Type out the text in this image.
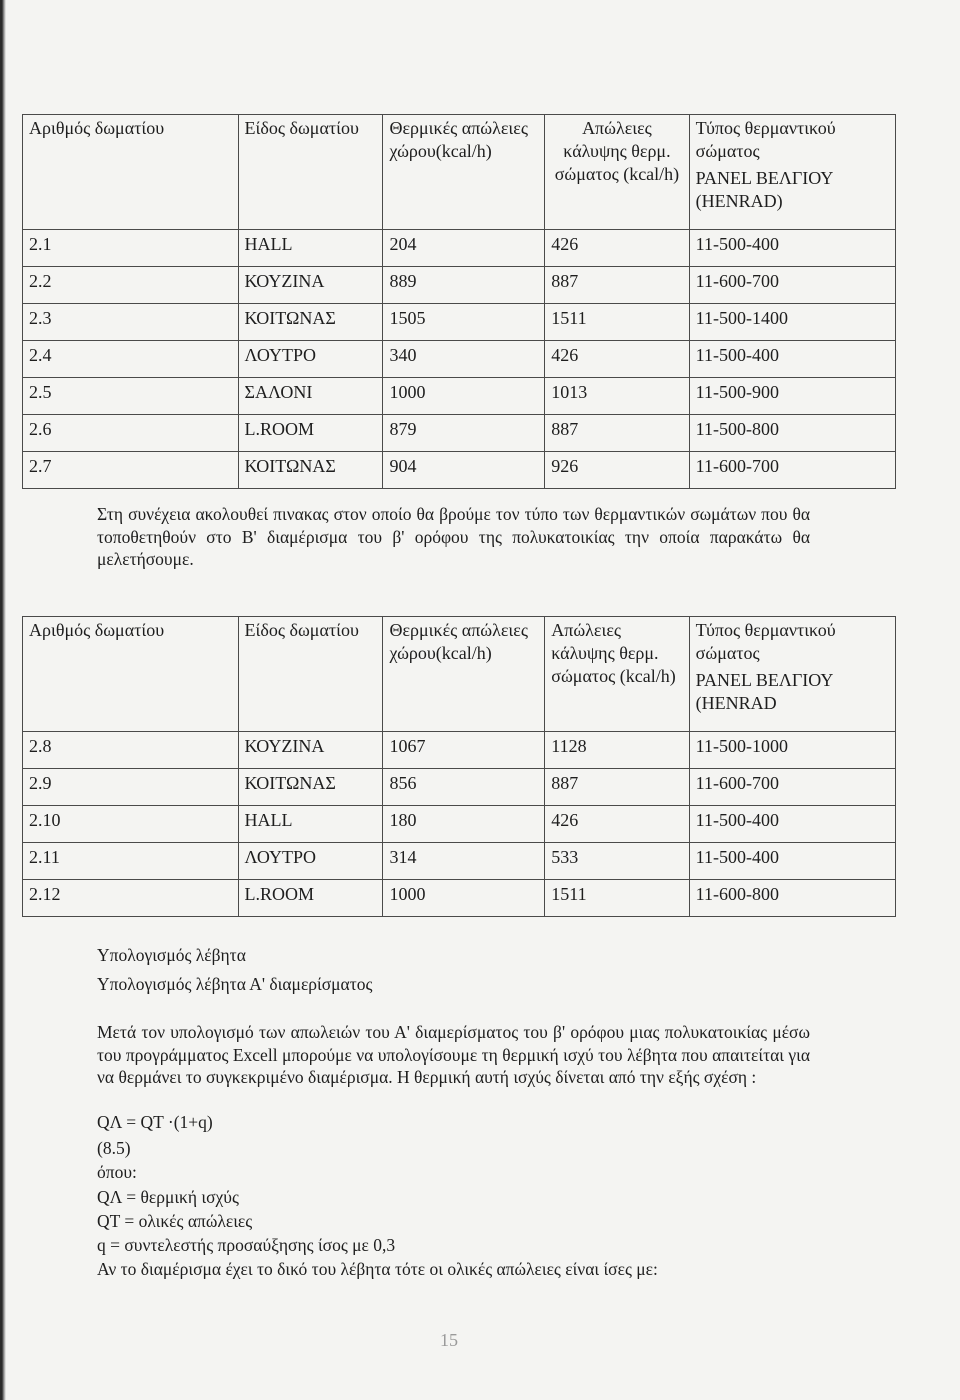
Αριθμός δωματίου	Είδος δωματίου	Θερμικές απώλειες χώρου(kcal/h)	Απώλειες κάλυψης θερμ. σώματος (kcal/h)	Τύπος θερμαντικού σώματος
PANEL ΒΕΛΓΙΟΥ (HENRAD)

2.1	HALL	204	426	11-500-400
2.2	ΚΟΥΖΙΝΑ	889	887	11-600-700
2.3	ΚΟΙΤΩΝΑΣ	1505	1511	11-500-1400
2.4	ΛΟΥΤΡΟ	340	426	11-500-400
2.5	ΣΑΛΟΝΙ	1000	1013	11-500-900
2.6	L.ROOM	879	887	11-500-800
2.7	ΚΟΙΤΩΝΑΣ	904	926	11-600-700

Στη συνέχεια ακολουθεί πινακας στον οποίο θα βρούμε τον τύπο των θερμαντικών σωμάτων που θα τοποθετηθούν στο Β' διαμέρισμα του β' ορόφου της πολυκατοικίας την οποία παρακάτω θα μελετήσουμε.

Αριθμός δωματίου	Είδος δωματίου	Θερμικές απώλειες χώρου(kcal/h)	Απώλειες κάλυψης θερμ. σώματος (kcal/h)	Τύπος θερμαντικού σώματος
PANEL ΒΕΛΓΙΟΥ (HENRAD

2.8	ΚΟΥΖΙΝΑ	1067	1128	11-500-1000
2.9	ΚΟΙΤΩΝΑΣ	856	887	11-600-700
2.10	HALL	180	426	11-500-400
2.11	ΛΟΥΤΡΟ	314	533	11-500-400
2.12	L.ROOM	1000	1511	11-600-800
Υπολογισμός λέβητα
Υπολογισμός λέβητα Α' διαμερίσματος

Μετά τον υπολογισμό των απωλειών του Α' διαμερίσματος του β' ορόφου μιας πολυκατοικίας μέσω του προγράμματος Excell μπορούμε να υπολογίσουμε τη θερμική ισχύ του λέβητα που απαιτείται για να θερμάνει το συγκεκριμένο διαμέρισμα. Η θερμική αυτή ισχύς δίνεται από την εξής σχέση :

QΛ = QT ·(1+q)
(8.5)
όπου:
QΛ = θερμική ισχύς
QT = ολικές απώλειες
q = συντελεστής προσαύξησης ίσος με 0,3
Αν το διαμέρισμα έχει το δικό του λέβητα τότε οι ολικές απώλειες είναι ίσες με:
15
